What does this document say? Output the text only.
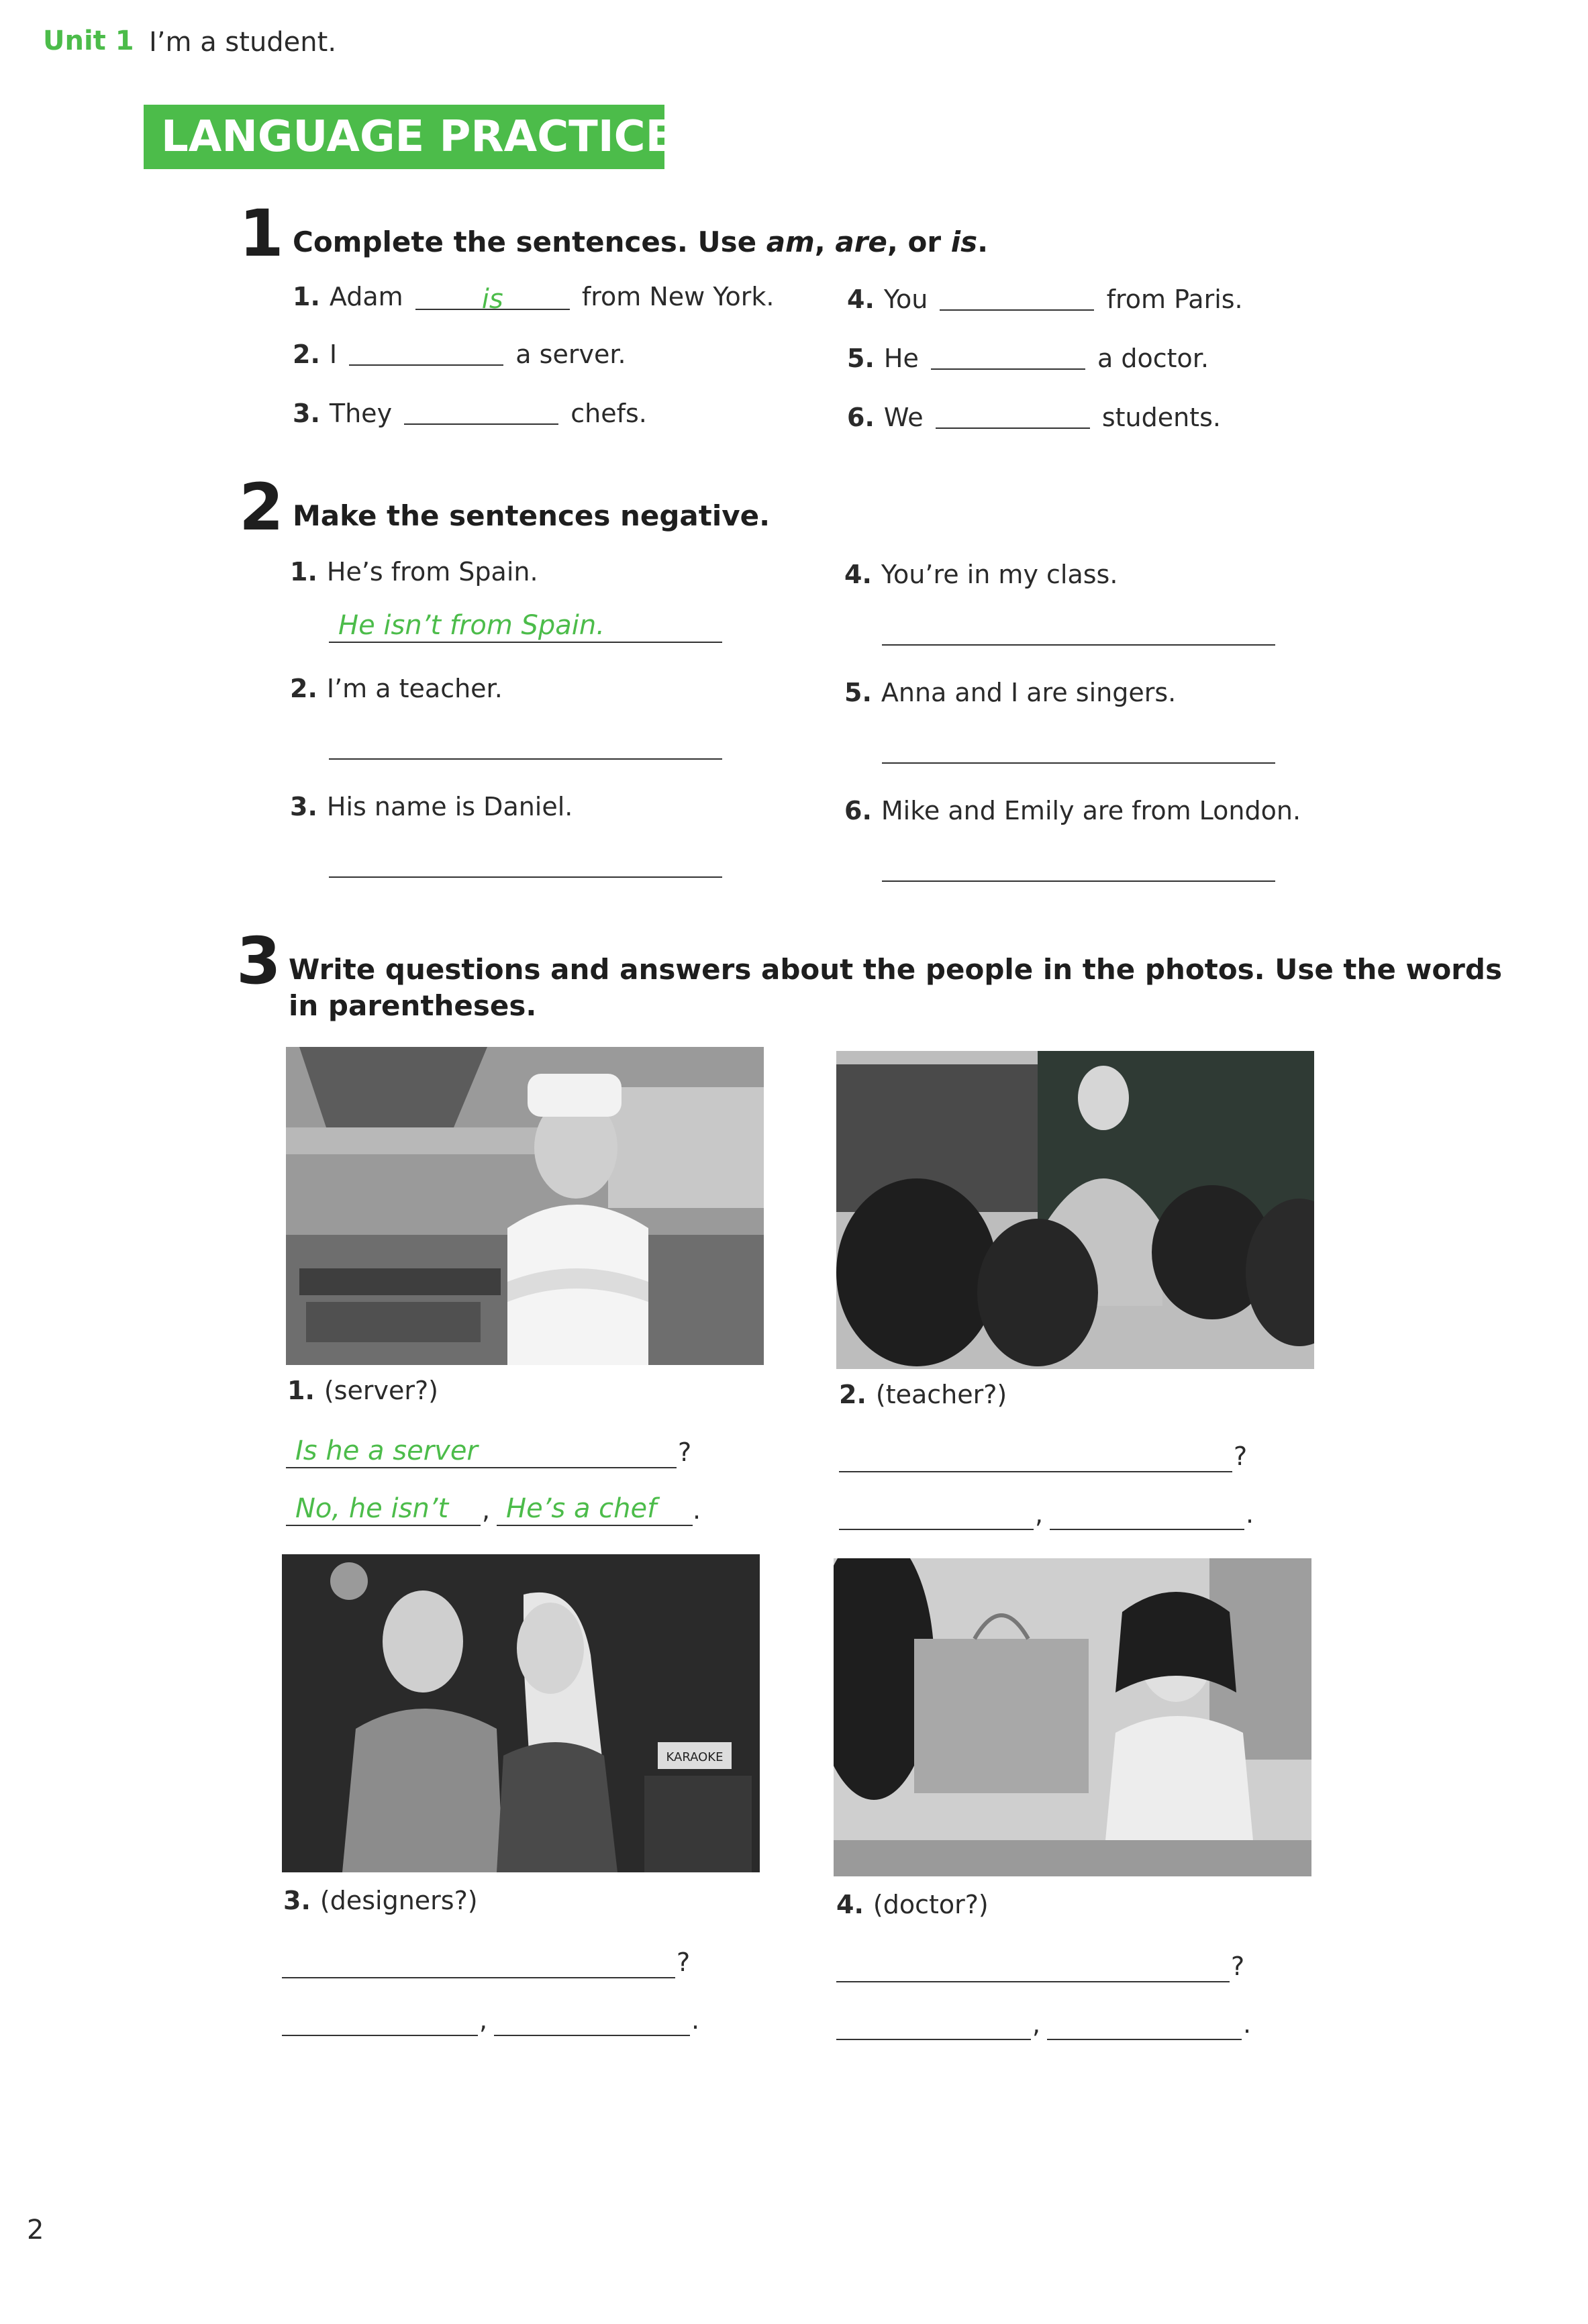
Unit 1 I’m a student.
LANGUAGE PRACTICE
1 Complete the sentences. Use am, are, or is.
1. Adam	is	from New York.
2. I	a server.
3. They	chefs.
4. You	from Paris.
5. He	a doctor.
6. We	students.
2 Make the sentences negative.
1. He’s from Spain.
He isn’t from Spain.
2. I’m a teacher.
3. His name is Daniel.
4. You’re in my class.
5. Anna and I are singers.
6. Mike and Emily are from London.
3 Write questions and answers about the people in the photos. Use the words
in parentheses.
1. (server?)
Is he a server	?
No, he isn’t , He’s a chef .
2. (teacher?)
?
,	.
KARAOKE
3. (designers?)
?
,	.
4. (doctor?)
?
,	.
2
